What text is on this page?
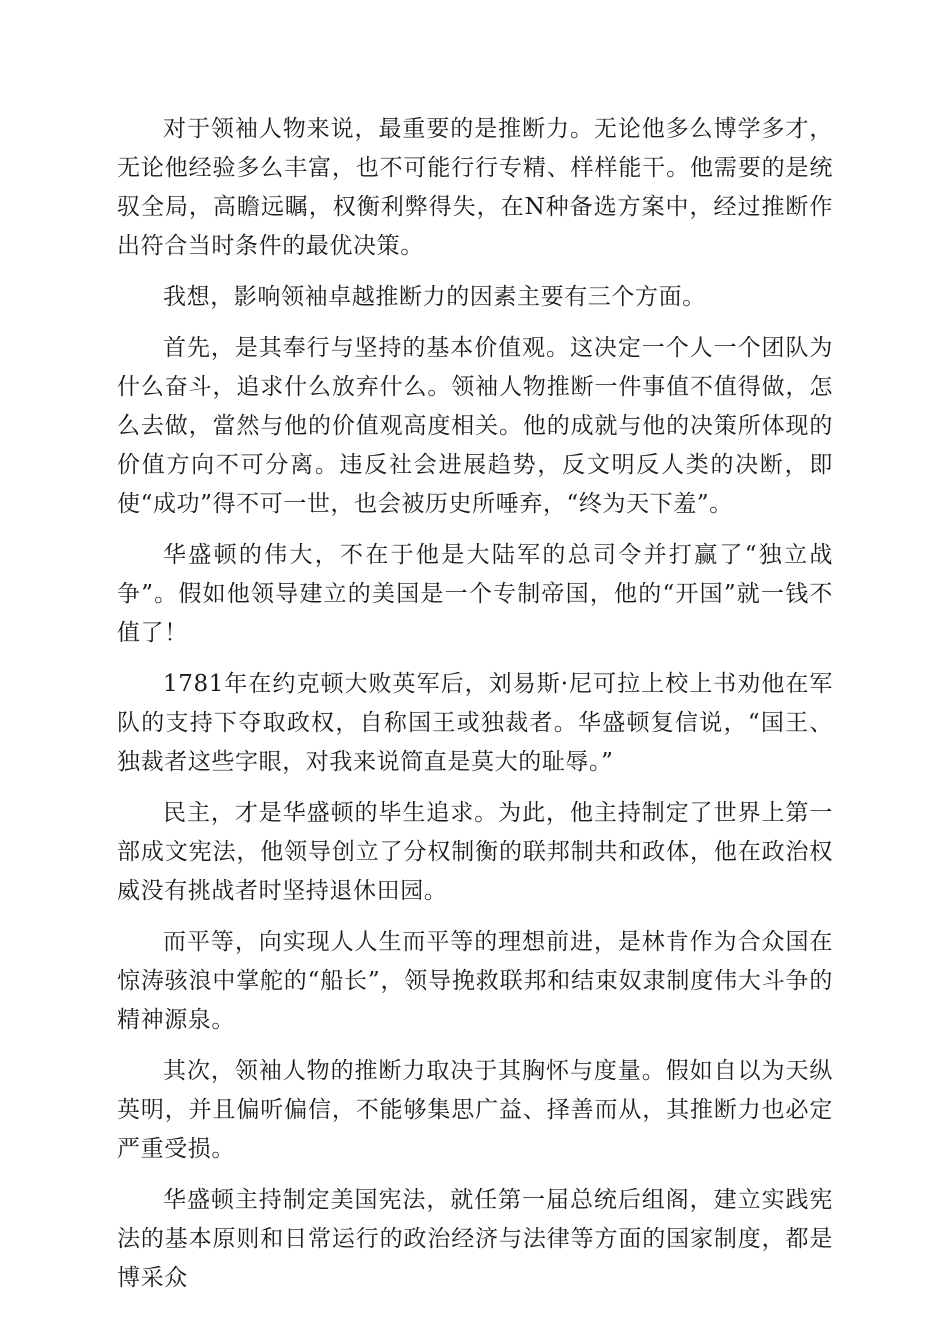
对于领袖人物来说，最重要的是推断力。无论他多么博学多才，无论他经验多么丰富，也不可能行行专精、样样能干。他需要的是统驭全局，高瞻远瞩，权衡利弊得失，在N种备选方案中，经过推断作出符合当时条件的最优决策。

我想，影响领袖卓越推断力的因素主要有三个方面。

首先，是其奉行与坚持的基本价值观。这决定一个人一个团队为什么奋斗，追求什么放弃什么。领袖人物推断一件事值不值得做，怎么去做，當然与他的价值观高度相关。他的成就与他的决策所体现的价值方向不可分离。违反社会进展趋势，反文明反人类的决断，即使“成功”得不可一世，也会被历史所唾弃，“终为天下羞”。

华盛顿的伟大，不在于他是大陆军的总司令并打赢了“独立战争”。假如他领导建立的美国是一个专制帝国，他的“开国”就一钱不值了！

1781年在约克顿大败英军后，刘易斯·尼可拉上校上书劝他在军队的支持下夺取政权，自称国王或独裁者。华盛顿复信说，“国王、独裁者这些字眼，对我来说简直是莫大的耻辱。”

民主，才是华盛顿的毕生追求。为此，他主持制定了世界上第一部成文宪法，他领导创立了分权制衡的联邦制共和政体，他在政治权威没有挑战者时坚持退休田园。

而平等，向实现人人生而平等的理想前进，是林肯作为合众国在惊涛骇浪中掌舵的“船长”，领导挽救联邦和结束奴隶制度伟大斗争的精神源泉。

其次，领袖人物的推断力取决于其胸怀与度量。假如自以为天纵英明，并且偏听偏信，不能够集思广益、择善而从，其推断力也必定严重受损。

华盛顿主持制定美国宪法，就任第一届总统后组阁，建立实践宪法的基本原则和日常运行的政治经济与法律等方面的国家制度，都是博采众
